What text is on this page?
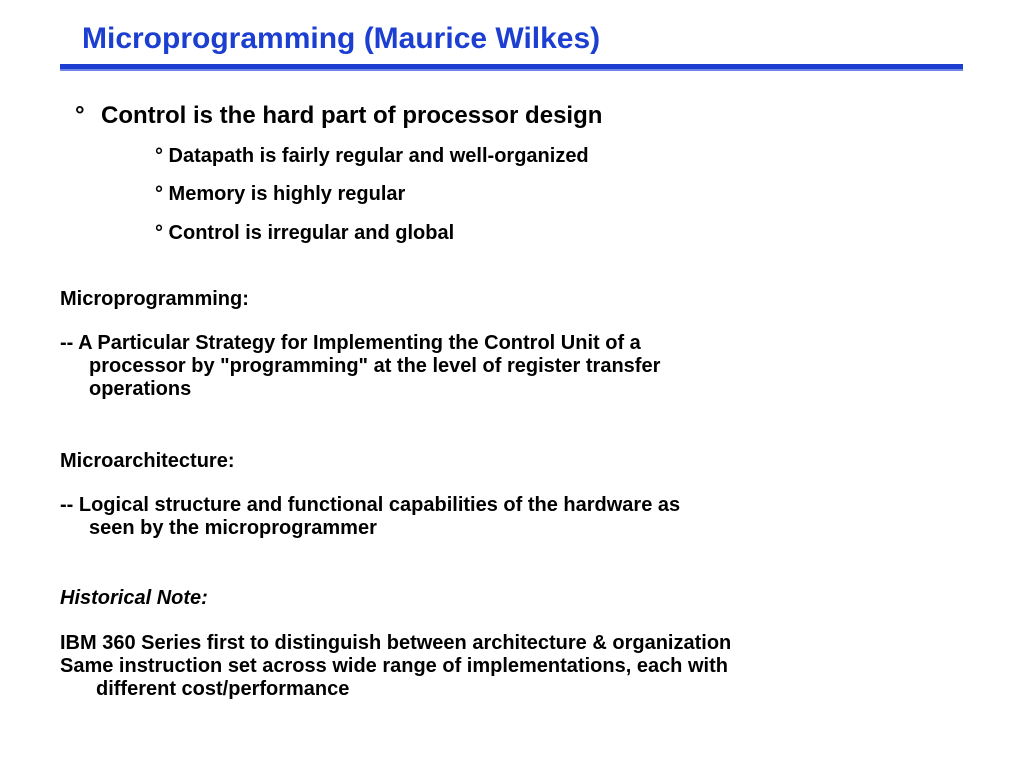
Microprogramming (Maurice Wilkes)
° Control is the hard part of processor design
° Datapath is fairly regular and well-organized
° Memory is highly regular
° Control is irregular and global
Microprogramming:
-- A Particular Strategy for Implementing the Control Unit of a
processor by "programming" at the level of register transfer
operations
Microarchitecture:
-- Logical structure and functional capabilities of the hardware as
seen by the microprogrammer
Historical Note:
IBM 360 Series first to distinguish between architecture & organization
Same instruction set across wide range of implementations, each with
different cost/performance
